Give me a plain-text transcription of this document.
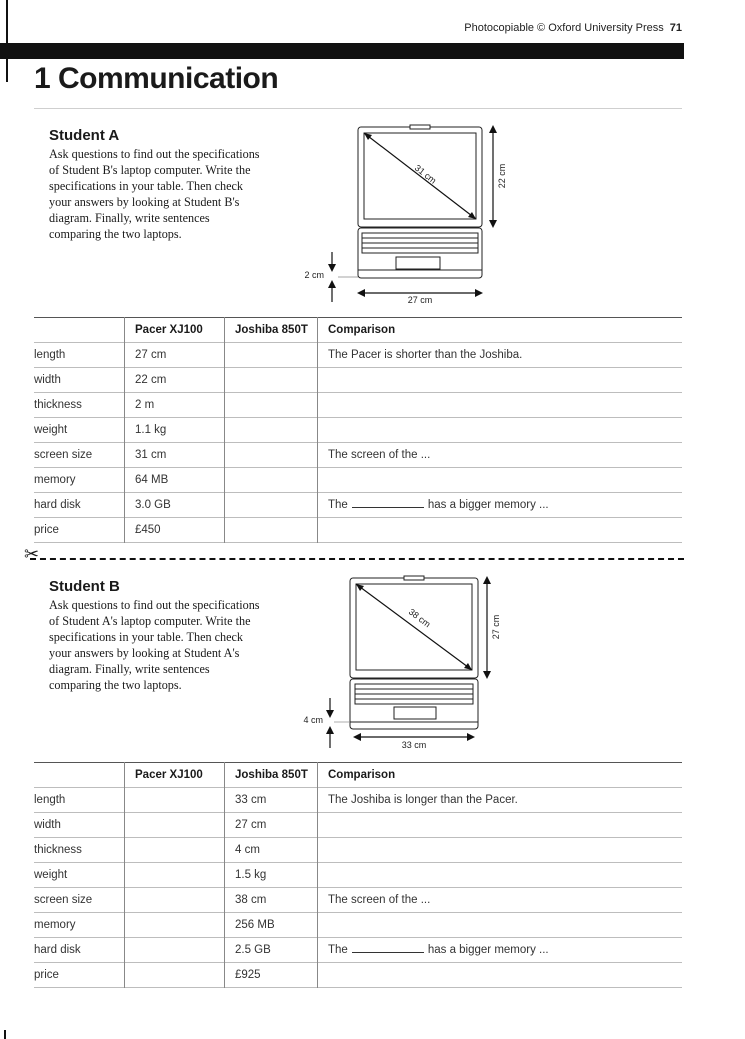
Photocopiable © Oxford University Press 71
1 Communication
Student A
Ask questions to find out the specifications of Student B's laptop computer. Write the specifications in your table. Then check your answers by looking at Student B's diagram. Finally, write sentences comparing the two laptops.
31 cm	22 cm
2 cm
27 cm
	Pacer XJ100	Joshiba 850T	Comparison
length	27 cm		The Pacer is shorter than the Joshiba.
width	22 cm		
thickness	2 m		
weight	1.1 kg		
screen size	31 cm		The screen of the ...
memory	64 MB		
hard disk	3.0 GB		The has a bigger memory ...
price	£450		
✂
Student B
Ask questions to find out the specifications of Student A's laptop computer. Write the specifications in your table. Then check your answers by looking at Student A's diagram. Finally, write sentences comparing the two laptops.
38 cm	27 cm
4 cm
33 cm
	Pacer XJ100	Joshiba 850T	Comparison
length		33 cm	The Joshiba is longer than the Pacer.
width		27 cm	
thickness		4 cm	
weight		1.5 kg	
screen size		38 cm	The screen of the ...
memory		256 MB	
hard disk		2.5 GB	The has a bigger memory ...
price		£925	
